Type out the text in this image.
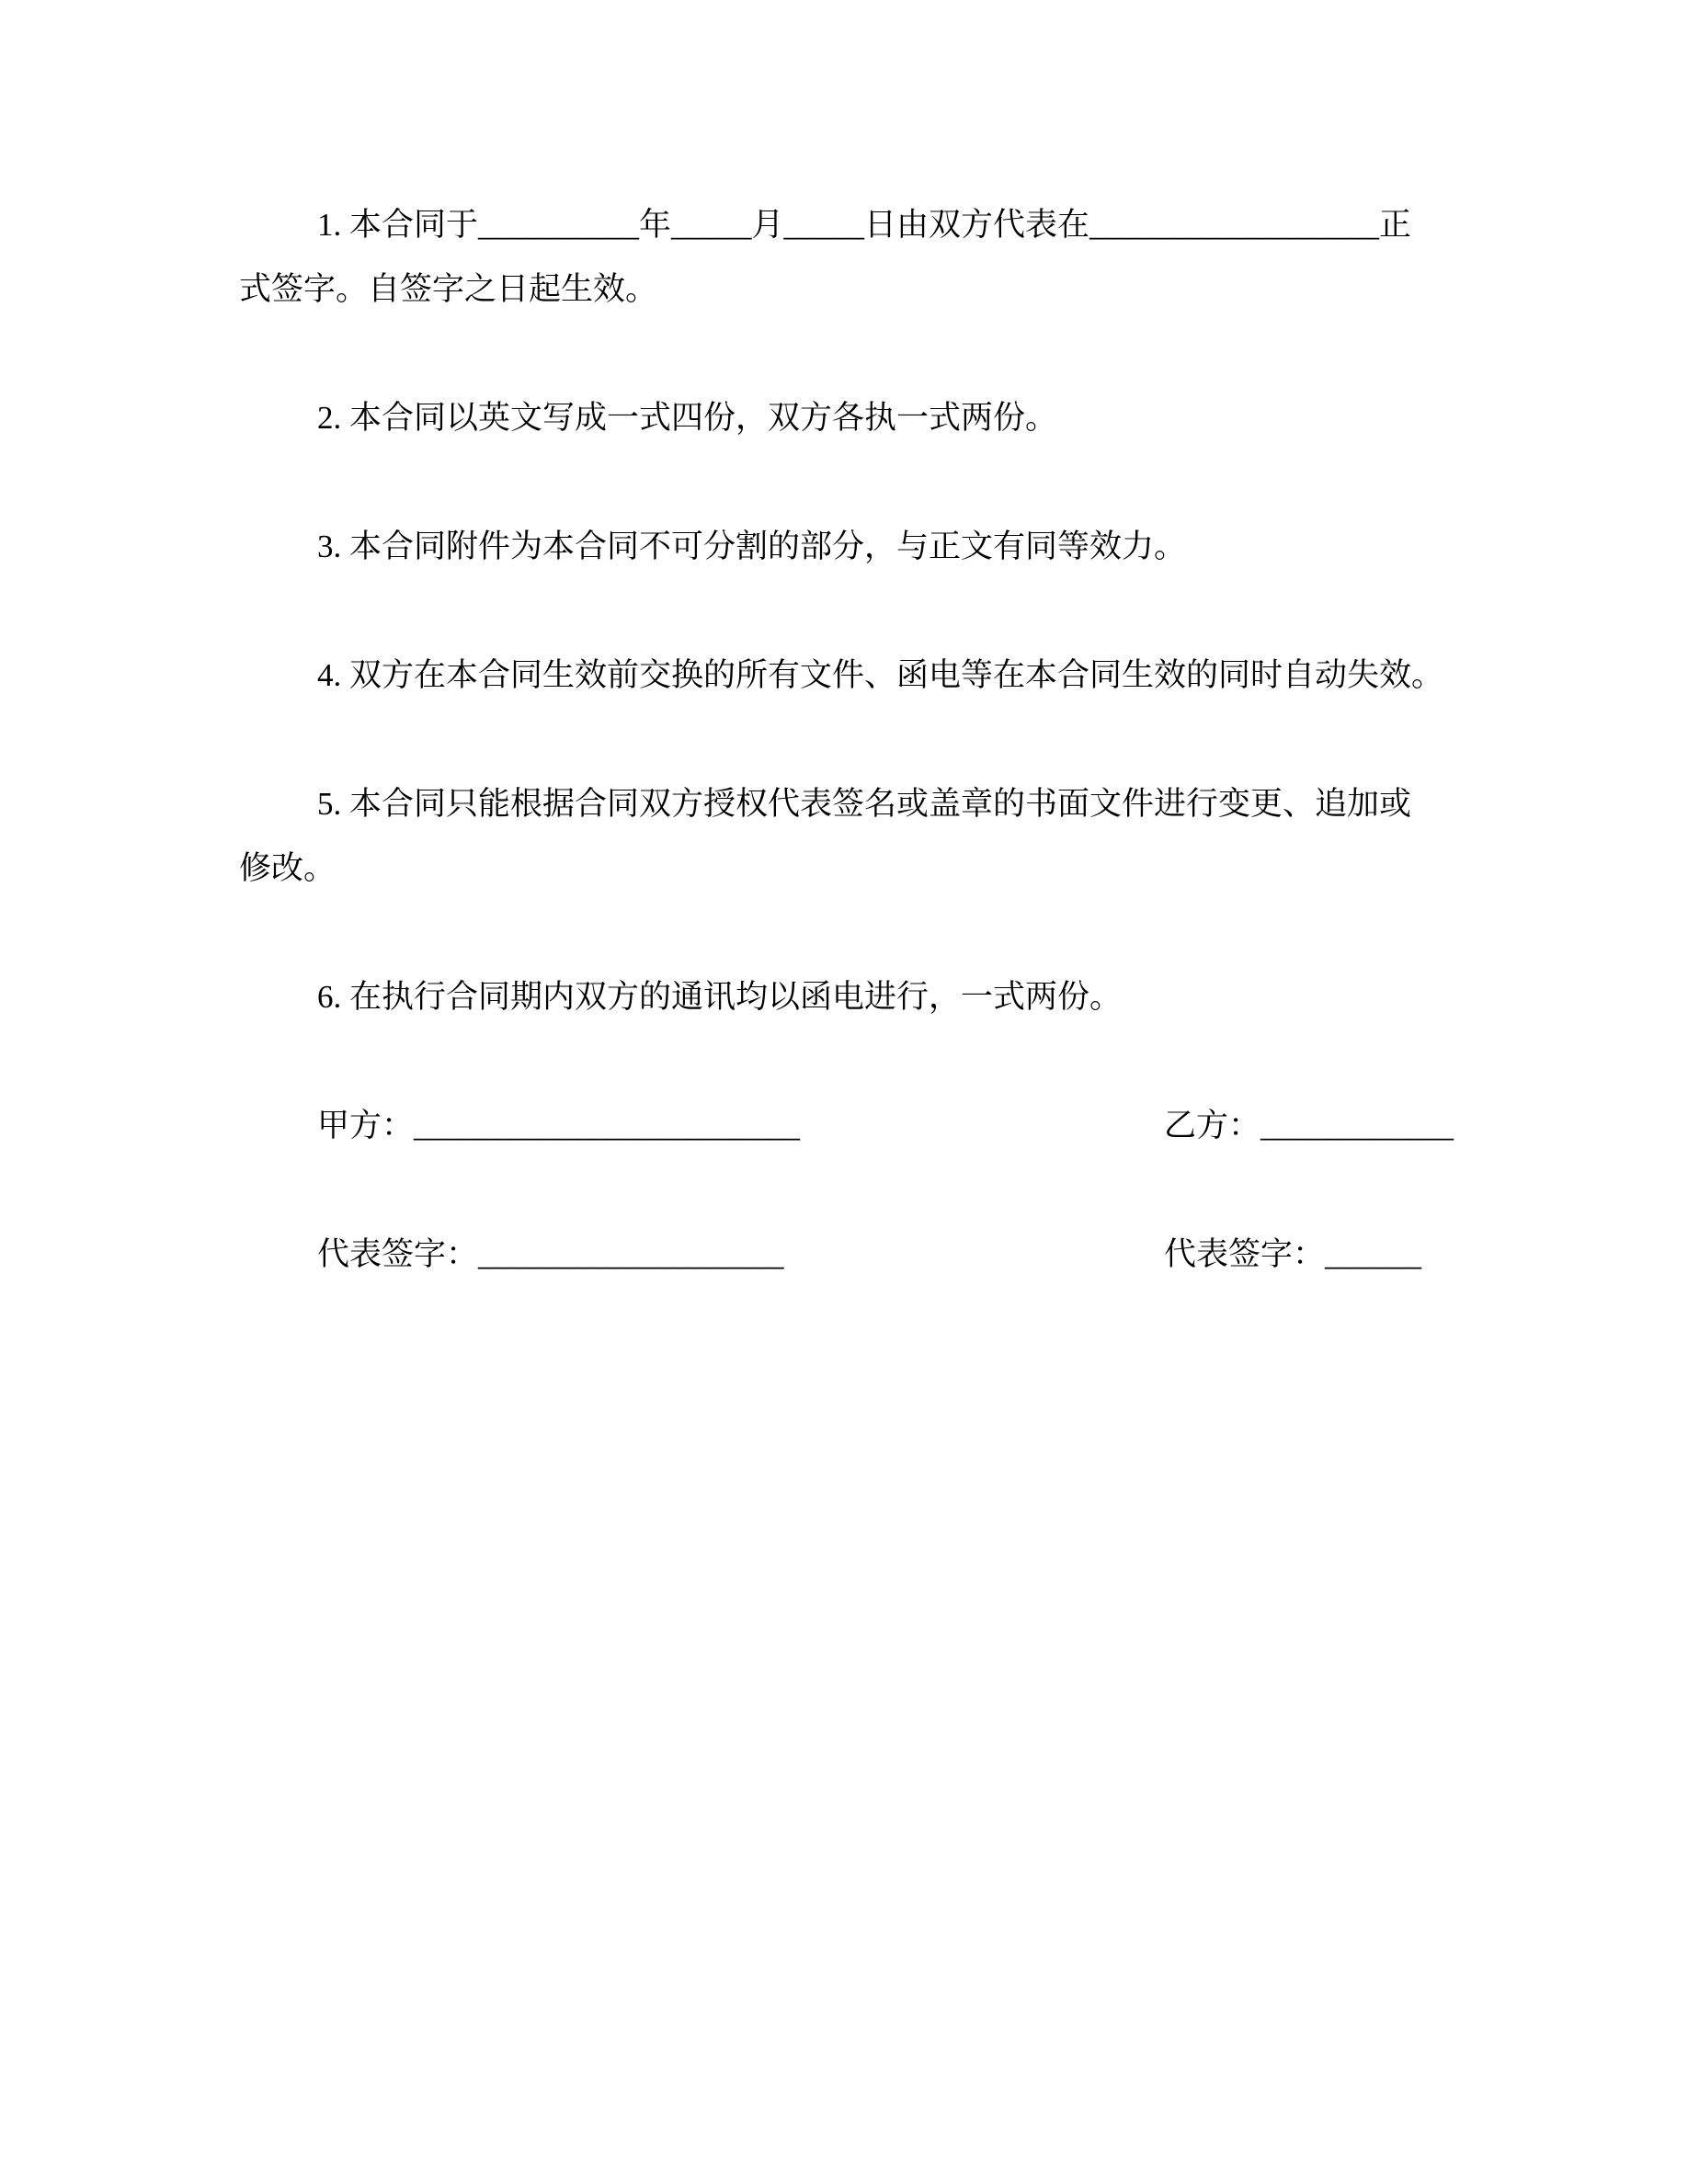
1. 本合同于__________年_____月_____日由双方代表在__________________正
式签字。自签字之日起生效。
2. 本合同以英文写成一式四份，双方各执一式两份。
3. 本合同附件为本合同不可分割的部分，与正文有同等效力。
4. 双方在本合同生效前交换的所有文件、函电等在本合同生效的同时自动失效。
5. 本合同只能根据合同双方授权代表签名或盖章的书面文件进行变更、追加或
修改。
6. 在执行合同期内双方的通讯均以函电进行，一式两份。
甲方：________________________	乙方：____________
代表签字：___________________	代表签字：______
